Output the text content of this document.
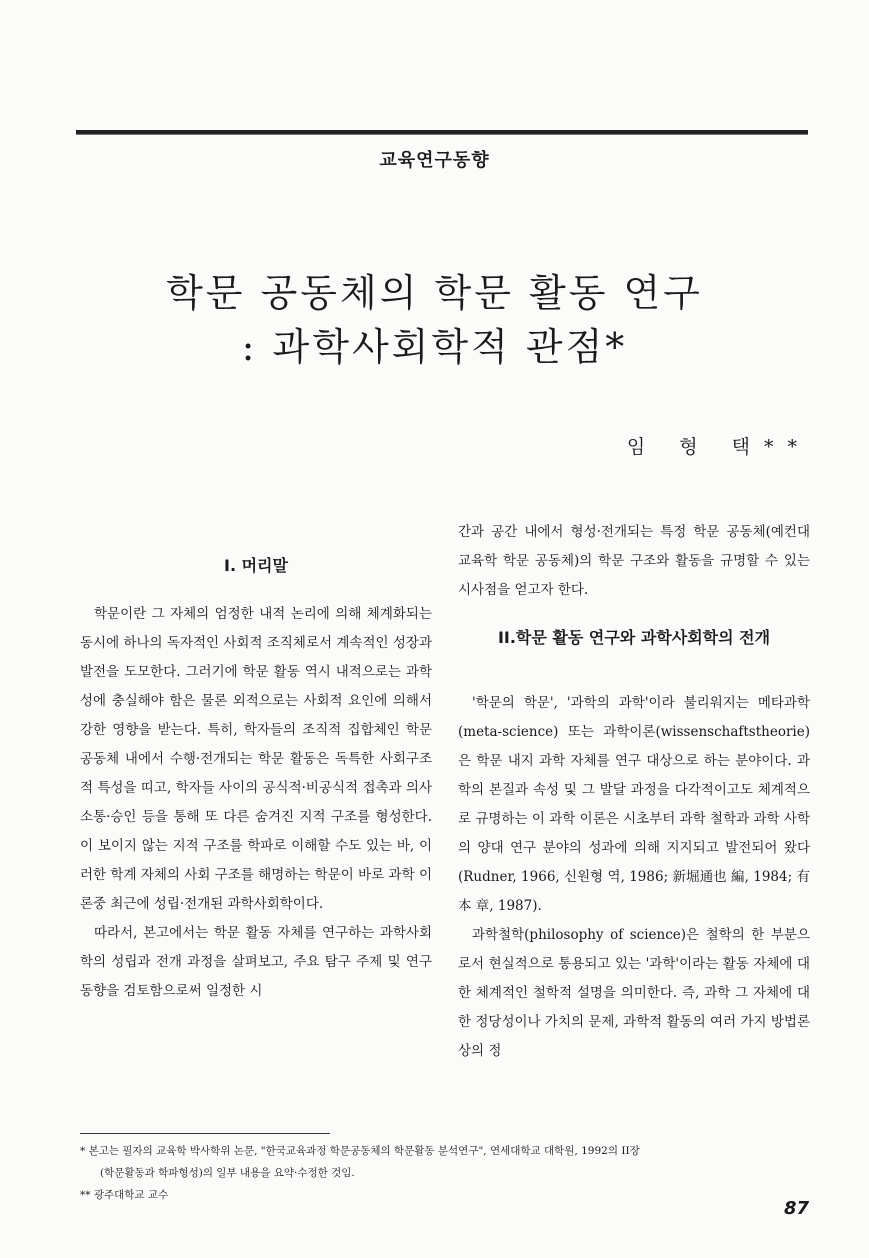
교육연구동향
학문 공동체의 학문 활동 연구
: 과학사회학적 관점*
임 형 택**
I. 머리말

학문이란 그 자체의 엄정한 내적 논리에 의해 체계화되는 동시에 하나의 독자적인 사회적 조직체로서 계속적인 성장과 발전을 도모한다. 그러기에 학문 활동 역시 내적으로는 과학성에 충실해야 함은 물론 외적으로는 사회적 요인에 의해서 강한 영향을 받는다. 특히, 학자들의 조직적 집합체인 학문 공동체 내에서 수행·전개되는 학문 활동은 독특한 사회구조적 특성을 띠고, 학자들 사이의 공식적·비공식적 접촉과 의사소통·승인 등을 통해 또 다른 숨겨진 지적 구조를 형성한다. 이 보이지 않는 지적 구조를 학파로 이해할 수도 있는 바, 이러한 학계 자체의 사회 구조를 해명하는 학문이 바로 과학 이론중 최근에 성립·전개된 과학사회학이다.

따라서, 본고에서는 학문 활동 자체를 연구하는 과학사회학의 성립과 전개 과정을 살펴보고, 주요 탐구 주제 및 연구 동향을 검토함으로써 일정한 시

간과 공간 내에서 형성·전개되는 특정 학문 공동체(예컨대 교육학 학문 공동체)의 학문 구조와 활동을 규명할 수 있는 시사점을 얻고자 한다.

II.학문 활동 연구와 과학사회학의 전개

'학문의 학문', '과학의 과학'이라 불리워지는 메타과학(meta-science) 또는 과학이론(wissenschaftstheorie)은 학문 내지 과학 자체를 연구 대상으로 하는 분야이다. 과학의 본질과 속성 및 그 발달 과정을 다각적이고도 체계적으로 규명하는 이 과학 이론은 시초부터 과학 철학과 과학 사학의 양대 연구 분야의 성과에 의해 지지되고 발전되어 왔다(Rudner, 1966, 신원형 역, 1986; 新堀通也 編, 1984; 有本 章, 1987).

과학철학(philosophy of science)은 철학의 한 부분으로서 현실적으로 통용되고 있는 '과학'이라는 활동 자체에 대한 체계적인 철학적 설명을 의미한다. 즉, 과학 그 자체에 대한 정당성이나 가치의 문제, 과학적 활동의 여러 가지 방법론상의 정

* 본고는 필자의 교육학 박사학위 논문, "한국교육과정 학문공동체의 학문활동 분석연구", 연세대학교 대학원, 1992의 II장
(학문활동과 학파형성)의 일부 내용을 요약·수정한 것임.
** 광주대학교 교수
87
